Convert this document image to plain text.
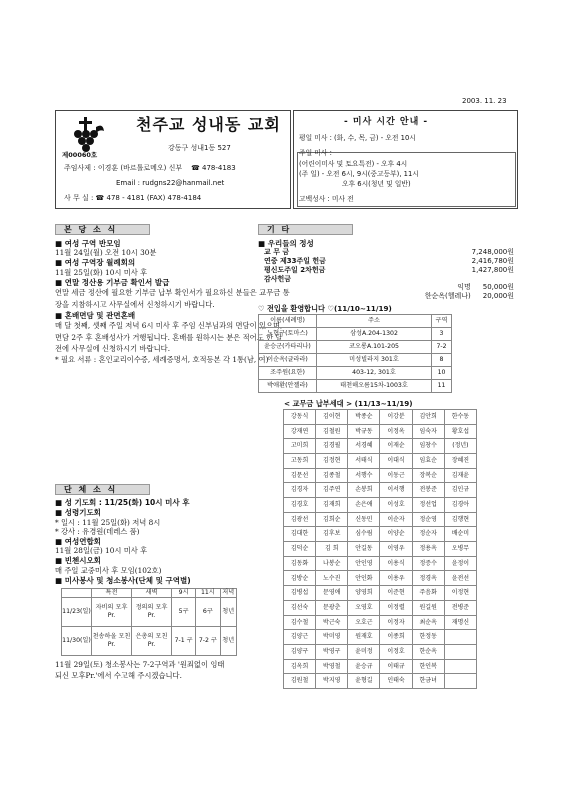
2003. 11. 23
제00060호
천주교 성내동 교회
강동구 성내1동 527
주임사제 : 이경훈 (바르톨로메오) 신부 ☎ 478-4183
Email : rudgns22@hanmail.net
사 무 실 : ☎ 478 - 4181 (FAX) 478-4184
- 미사 시간 안내 -
평일 미사 : (화, 수, 목, 금) - 오전 10시
주일 미사 :
(어린이미사 및 토요특전) - 오후 4시
(주 일) - 오전 6시, 9시(중고등부), 11시
오후 6시(청년 및 일반)
고백성사 : 미사 전
본 당 소 식
■ 여성 구역 반모임
11월 24일(월) 오전 10시 30분
■ 여성 구역장 월례회의
11월 25일(화) 10시 미사 후
■ 연말 정산용 기부금 확인서 발급
연말 세금 정산에 필요한 기부금 납부 확인서가 필요하신 분들은 교무금 통장을 지참하시고 사무실에서 신청하시기 바랍니다.
■ 혼배면담 및 관면혼배
매 달 첫째, 셋째 주일 저녁 6시 미사 후 주임 신부님과의 면담이 있으며, 면담 2주 후 혼배성사가 거행됩니다. 혼배를 원하시는 분은 적어도 한 달 전에 사무실에 신청하시기 바랍니다.
* 필요 서류 : 혼인교리이수증, 세례증명서, 호적등본 각 1통(남, 여)
단 체 소 식
■ 성 기도회 : 11/25(화) 10시 미사 후
■ 성령기도회
* 일시 : 11월 25일(화) 저녁 8시
* 강사 : 유경원(데레스 품)
■ 여성연합회
11월 28일(금) 10시 미사 후
■ 빈첸시오회
매 주일 교중미사 후 모임(102호)
■ 미사봉사 및 청소봉사(단체 및 구역별)
	특전	새벽	9시	11시	저녁
11/23(일)	자비의 모후Pr.	정의의 모후Pr.	5구	6구	청년
11/30(일)	천송하올 모친Pr.	은총의 모친Pr.	7-1 구	7-2 구	청년
11월 29일(토) 청소봉사는 7-2구역과 '원죄없이 잉태되신 모후Pr.'에서 수고해 주시겠습니다.
기 타
■ 우리들의 정성
교 무 금	7,248,000원
연중 제33주일 헌금	2,416,780원
평신도주일 2차헌금	1,427,800원
감사헌금
익명 50,000원
한순옥(헬레나) 20,000원
♡ 전입을 환영합니다 ♡(11/10~11/19)
이름(세례명)	주소	구역
노현구(토마스)	삼성A.204-1302	3
윤승군(카타리나)	코오롱A.101-205	7-2
이순옥(글라라)	미성빌라지 301호	8
조주원(요한)	403-12, 301호	10
박애환(안젤라)	태천해오름15차-1003호	11
< 교무금 납부세대 > (11/13~11/19)
강동식	김이현	박종순	이강분	김안희	한수동
강재연	김철원	박규동	이정옥	임숙자	황호섭
고미희	김경필	서경혜	이재순	임창수	(정년)
고동희	김정현	서태식	이대식	임효순	장혜진
김문선	김종철	서행수	이동근	장복순	김재윤
김경자	김주연	손봉희	이서행	전봉준	김인규
김경호	김재희	손은애	이성호	정선업	김경아
김광선	김희순	신동민	이순자	정순영	김행현
김대한	김후보	심수림	이양순	정순자	배순미
김덕순	김 희	안길동	이영우	정용옥	오병무
김동화	나봉순	안인영	이용식	정증수	윤정이
김방순	노수진	안인화	이용우	정경옥	윤전선
김병섭	문영애	양영희	이준현	주음화	이정현
김선숙	문광춘	오영호	이정렬	원길원	전병준
김수철	박근숙	오호근	이정자	최순옥	재명신
김양근	박미영	원재호	이종희	한정동	
김양구	박영구	윤미정	이정호	한순옥	
김옥희	박영철	윤승규	이태규	한인복	
김원철	박지영	윤형길	인태숙	한금녀	
